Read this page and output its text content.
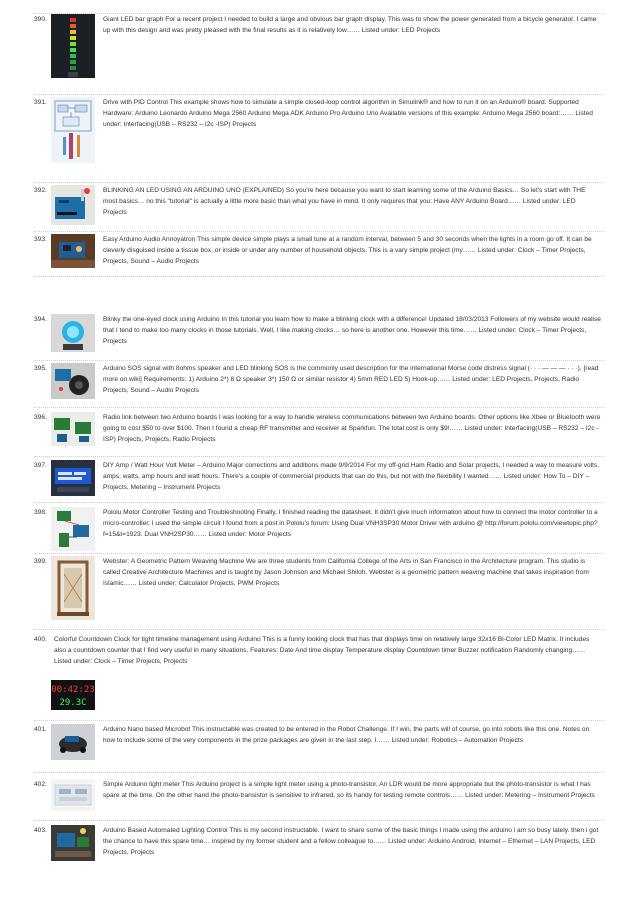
390.	Giant LED bar graph For a recent project I needed to build a large and obvious bar graph display. This was to show the power generated from a bicycle generator. I came up with this design and was pretty pleased with the final results as it is relatively low…… Listed under: LED Projects

391.	Drive with PID Control This example shows how to simulate a simple closed-loop control algorithm in Simulink® and how to run it on an Arduino® board. Supported Hardware: Arduino Leonardo Arduino Mega 2560 Arduino Mega ADK Arduino Pro Arduino Uno Available versions of this example: Arduino Mega 2560 board:…… Listed under: Interfacing(USB – RS232 – I2c -ISP) Projects

392.	BLINKING AN LED USING AN ARDUINO UNO (EXPLAINED) So you're here because you want to start learning some of the Arduino Basics… So let's start with THE most basics… no this "tutorial" is actually a little more basic than what you have in mind. It only requires that you: Have ANY Arduino Board…… Listed under: LED Projects

393.	Easy Arduino Audio Annoyatron This simple device simple plays a small tune at a random interval, between 5 and 30 seconds when the lights in a room go off. It can be cleverly disguised inside a tissue box, or inside or under any number of household objects. This is a vary simple project (my…… Listed under: Clock – Timer Projects, Projects, Sound – Audio Projects

394.	Blinky the one-eyed clock using Arduino In this tutorial you learn how to make a blinking clock with a difference! Updated 18/03/2013 Followers of my website would realise that I tend to make too many clocks in those tutorials. Well, I like making clocks… so here is another one. However this time…… Listed under: Clock – Timer Projects, Projects

395.	Arduino SOS signal with 8ohms speaker and LED blinking SOS is the commonly used description for the international Morse code distress signal (· · · — — — · · ·). [read more on wiki] Requirements: 1) Arduino 2*) 8 Ω speaker 3*) 150 Ω or similar resistor 4) 5mm RED LED 5) Hook-up…… Listed under: LED Projects, Projects, Radio Projects, Sound – Audio Projects

396.	Radio link between two Arduino boards I was looking for a way to handle wireless communications between two Arduino boards. Other options like Xbee or Bluetooth were going to cost $50 to over $100. Then I found a cheap RF transmitter and receiver at Sparkfun. The total cost is only $9!…… Listed under: Interfacing(USB – RS232 – I2c -ISP) Projects, Projects, Radio Projects

397.	DIY Amp / Watt Hour Volt Meter – Arduino Major corrections and additions made 9/9/2014 For my off-grid Ham Radio and Solar projects, I needed a way to measure volts, amps, watts, amp hours and watt hours. There's a couple of commercial products that can do this, but not with the flexibility I wanted…… Listed under: How To – DIY – Projects, Metering – Instrument Projects

398.	Pololu Motor Controller Testing and Troubleshooting Finally, I finished reading the datasheet. It didn't give much information about how to connect the motor controller to a micro-controller. I used the simple circuit I found from a post in Pololu's forum: Using Dual VNH3SP30 Motor Driver with arduino @ http://forum.pololu.com/viewtopic.php?f=15&t=1923. Dual VNH2SP30…… Listed under: Motor Projects

399.	Webster: A Geometric Pattern Weaving Machine We are three students from California College of the Arts in San Francisco in the Architecture program. This studio is called Creative Architecture Machines and is taught by Jason Johnson and Michael Shiloh. Webster is a geometric pattern weaving machine that takes inspiration from Islamic…… Listed under: Calculator Projects, PWM Projects

400. Colorful Countdown Clock for tight timeline management using Arduino This is a funny looking clock that has that displays time on relatively large 32x16 Bi-Color LED Matrix. It includes also a countdown counter that I find very useful in many situations. Features: Date And time display Temperature display Countdown timer Buzzer notification Randomly changing…… Listed under: Clock – Timer Projects, Projects

00:42:23
29.3C
401.	Arduino Nano based Microbot This instructable was created to be entered in the Robot Challenge. If I win, the parts will of course, go into robots like this one. Notes on how to include some of the very components in the prize packages are given in the last step. I…… Listed under: Robotics – Automation Projects

402.	Simple Arduino light meter This Arduino project is a simple light meter using a photo-transistor. An LDR would be more appropriate but the photo-transistor is what I has spare at the time. On the other hand the photo-transistor is sensitive to infrared, so its handy for testing remote controls…… Listed under: Metering – Instrument Projects

403.	Arduino Based Automated Lighting Control This is my second instructable. I want to share some of the basic things I made using the arduino i am so busy lately. then i got the chance to have this spare time… inspired by my former student and a fellow colleague to…… Listed under: Arduino Android, Internet – Ethernet – LAN Projects, LED Projects, Projects
